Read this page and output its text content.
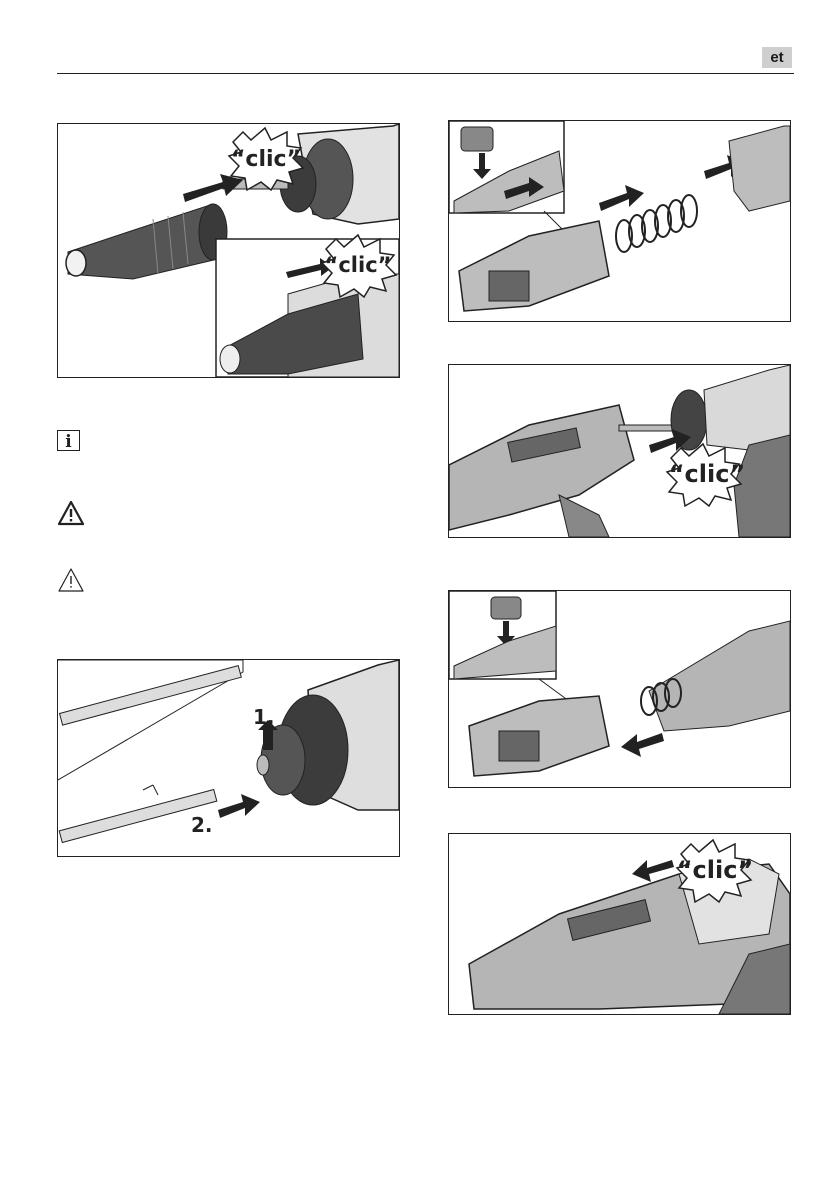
et
“clic”
“clic”
i
“clic”
1.
2.
“clic”
